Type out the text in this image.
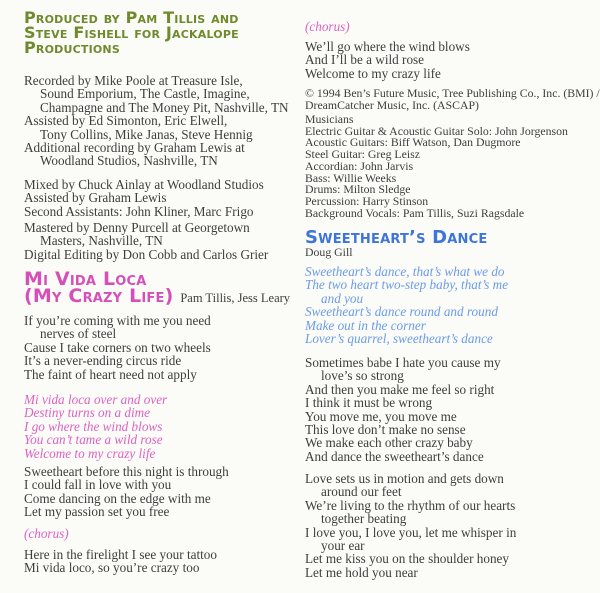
Produced by Pam Tillis and
Steve Fishell for Jackalope
Productions
Recorded by Mike Poole at Treasure Isle,
Sound Emporium, The Castle, Imagine,
Champagne and The Money Pit, Nashville, TN
Assisted by Ed Simonton, Eric Elwell,
Tony Collins, Mike Janas, Steve Hennig
Additional recording by Graham Lewis at
Woodland Studios, Nashville, TN
Mixed by Chuck Ainlay at Woodland Studios
Assisted by Graham Lewis
Second Assistants: John Kliner, Marc Frigo
Mastered by Denny Purcell at Georgetown
Masters, Nashville, TN
Digital Editing by Don Cobb and Carlos Grier
Mi Vida Loca
(My Crazy Life) Pam Tillis, Jess Leary
If you’re coming with me you need
nerves of steel
Cause I take corners on two wheels
It’s a never-ending circus ride
The faint of heart need not apply
Mi vida loca over and over
Destiny turns on a dime
I go where the wind blows
You can’t tame a wild rose
Welcome to my crazy life
Sweetheart before this night is through
I could fall in love with you
Come dancing on the edge with me
Let my passion set you free
(chorus)
Here in the firelight I see your tattoo
Mi vida loco, so you’re crazy too
(chorus)
We’ll go where the wind blows
And I’ll be a wild rose
Welcome to my crazy life
© 1994 Ben’s Future Music, Tree Publishing Co., Inc. (BMI) /
DreamCatcher Music, Inc. (ASCAP)
Musicians
Electric Guitar & Acoustic Guitar Solo: John Jorgenson
Acoustic Guitars: Biff Watson, Dan Dugmore
Steel Guitar: Greg Leisz
Accordian: John Jarvis
Bass: Willie Weeks
Drums: Milton Sledge
Percussion: Harry Stinson
Background Vocals: Pam Tillis, Suzi Ragsdale
Sweetheart’s Dance
Doug Gill
Sweetheart’s dance, that’s what we do
The two heart two-step baby, that’s me
and you
Sweetheart’s dance round and round
Make out in the corner
Lover’s quarrel, sweetheart’s dance
Sometimes babe I hate you cause my
love’s so strong
And then you make me feel so right
I think it must be wrong
You move me, you move me
This love don’t make no sense
We make each other crazy baby
And dance the sweetheart’s dance
Love sets us in motion and gets down
around our feet
We’re living to the rhythm of our hearts
together beating
I love you, I love you, let me whisper in
your ear
Let me kiss you on the shoulder honey
Let me hold you near
